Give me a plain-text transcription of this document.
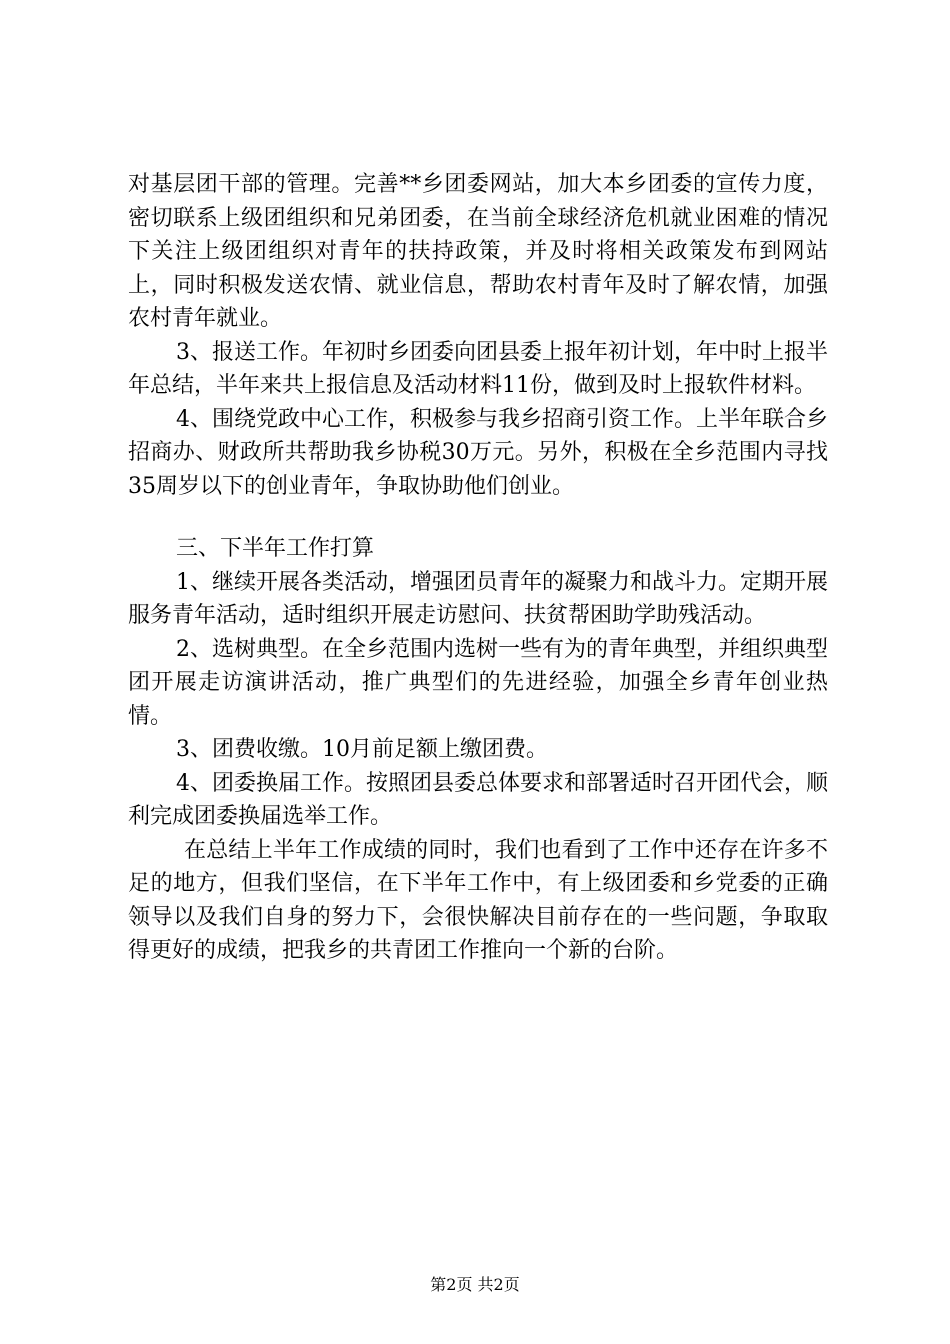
对基层团干部的管理。完善**乡团委网站，加大本乡团委的宣传力度，密切联系上级团组织和兄弟团委，在当前全球经济危机就业困难的情况下关注上级团组织对青年的扶持政策，并及时将相关政策发布到网站上，同时积极发送农情、就业信息，帮助农村青年及时了解农情，加强农村青年就业。

3、报送工作。年初时乡团委向团县委上报年初计划，年中时上报半年总结，半年来共上报信息及活动材料11份，做到及时上报软件材料。

4、围绕党政中心工作，积极参与我乡招商引资工作。上半年联合乡招商办、财政所共帮助我乡协税30万元。另外，积极在全乡范围内寻找35周岁以下的创业青年，争取协助他们创业。

三、下半年工作打算

1、继续开展各类活动，增强团员青年的凝聚力和战斗力。定期开展服务青年活动，适时组织开展走访慰问、扶贫帮困助学助残活动。

2、选树典型。在全乡范围内选树一些有为的青年典型，并组织典型团开展走访演讲活动，推广典型们的先进经验，加强全乡青年创业热情。

3、团费收缴。10月前足额上缴团费。

4、团委换届工作。按照团县委总体要求和部署适时召开团代会，顺利完成团委换届选举工作。

在总结上半年工作成绩的同时，我们也看到了工作中还存在许多不足的地方，但我们坚信，在下半年工作中，有上级团委和乡党委的正确领导以及我们自身的努力下，会很快解决目前存在的一些问题，争取取得更好的成绩，把我乡的共青团工作推向一个新的台阶。

第2页 共2页
